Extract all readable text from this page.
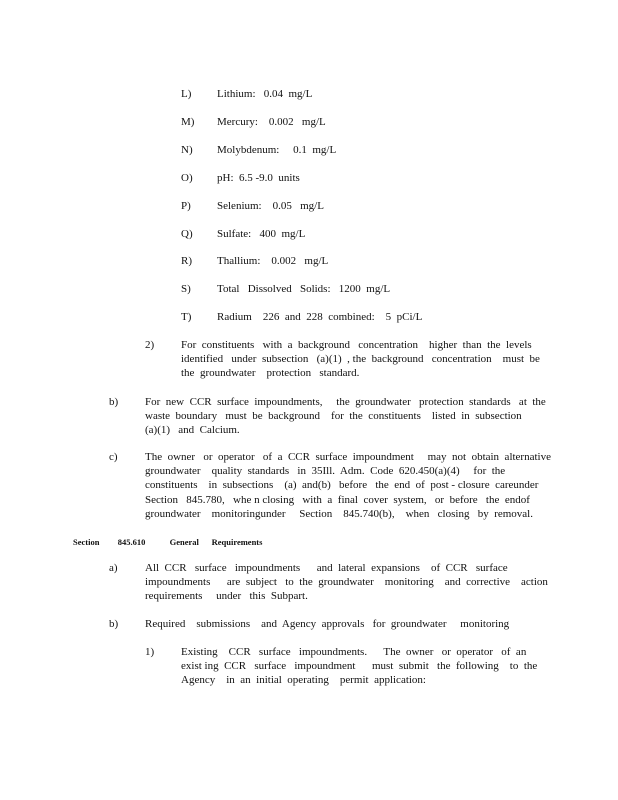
L) Lithium:   0.04  mg/L
M) Mercury:    0.002   mg/L
N) Molybdenum:     0.1  mg/L
O) pH:  6.5 -9.0  units
P) Selenium:    0.05   mg/L
Q) Sulfate:   400  mg/L
R) Thallium:    0.002   mg/L
S) Total   Dissolved   Solids:   1200  mg/L
T) Radium    226  and  228  combined:    5  pCi/L
2) For  constituents   with  a  background   concentration    higher  than  the  levels
identified   under  subsection   (a)(1)  , the  background   concentration    must  be
the  groundwater    protection   standard.
b) For  new  CCR  surface  impoundments,     the  groundwater   protection  standards   at  the
waste  boundary   must  be  background    for  the  constituents    listed  in  subsection
(a)(1)   and  Calcium.
c) The  owner   or  operator   of  a  CCR  surface  impoundment     may  not  obtain  alternative
groundwater    quality  standards   in  35Ill.  Adm.  Code  620.450(a)(4)     for  the
constituents    in  subsections    (a)  and(b)   before   the  end  of  post - closure  careunder
Section   845.780,   whe n closing   with  a  final  cover  system,   or  before   the  endof
groundwater    monitoringunder     Section    845.740(b),    when   closing   by  removal.
Section 845.610	General      Requirements
a) All  CCR   surface   impoundments      and  lateral  expansions    of  CCR   surface
impoundments      are  subject   to  the  groundwater    monitoring    and  corrective    action
requirements     under   this  Subpart.
b) Required    submissions    and  Agency  approvals   for  groundwater     monitoring
1) Existing    CCR   surface   impoundments.      The  owner   or  operator   of  an
exist ing  CCR   surface   impoundment      must  submit   the  following    to  the
Agency    in  an  initial  operating    permit  application:
